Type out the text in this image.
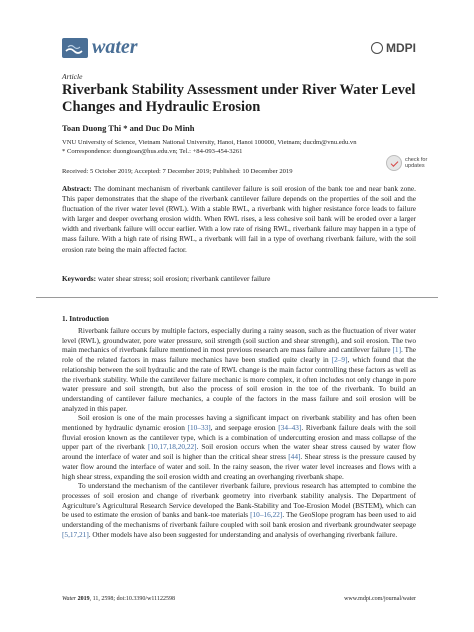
water	MDPI
Article
Riverbank Stability Assessment under River Water Level Changes and Hydraulic Erosion
Toan Duong Thi * and Duc Do Minh
VNU University of Science, Vietnam National University, Hanoi, Hanoi 100000, Vietnam; ducdm@vnu.edu.vn
* Correspondence: duongtoan@hus.edu.vn; Tel.: +84-093-454-3261
Received: 5 October 2019; Accepted: 7 December 2019; Published: 10 December 2019
check for
updates
Abstract: The dominant mechanism of riverbank cantilever failure is soil erosion of the bank toe and near bank zone. This paper demonstrates that the shape of the riverbank cantilever failure depends on the properties of the soil and the fluctuation of the river water level (RWL). With a stable RWL, a riverbank with higher resistance force leads to failure with larger and deeper overhang erosion width. When RWL rises, a less cohesive soil bank will be eroded over a larger width and riverbank failure will occur earlier. With a low rate of rising RWL, riverbank failure may happen in a type of mass failure. With a high rate of rising RWL, a riverbank will fail in a type of overhang riverbank failure, with the soil erosion rate being the main affected factor.
Keywords: water shear stress; soil erosion; riverbank cantilever failure
1. Introduction

Riverbank failure occurs by multiple factors, especially during a rainy season, such as the fluctuation of river water level (RWL), groundwater, pore water pressure, soil strength (soil suction and shear strength), and soil erosion. The two main mechanics of riverbank failure mentioned in most previous research are mass failure and cantilever failure [1]. The role of the related factors in mass failure mechanics have been studied quite clearly in [2–9], which found that the relationship between the soil hydraulic and the rate of RWL change is the main factor controlling these factors as well as the riverbank stability. While the cantilever failure mechanic is more complex, it often includes not only change in pore water pressure and soil strength, but also the process of soil erosion in the toe of the riverbank. To build an understanding of cantilever failure mechanics, a couple of the factors in the mass failure and soil erosion will be analyzed in this paper.

Soil erosion is one of the main processes having a significant impact on riverbank stability and has often been mentioned by hydraulic dynamic erosion [10–33], and seepage erosion [34–43]. Riverbank failure deals with the soil fluvial erosion known as the cantilever type, which is a combination of undercutting erosion and mass collapse of the upper part of the riverbank [10,17,18,20,22]. Soil erosion occurs when the water shear stress caused by water flow around the interface of water and soil is higher than the critical shear stress [44]. Shear stress is the pressure caused by water flow around the interface of water and soil. In the rainy season, the river water level increases and flows with a high shear stress, expanding the soil erosion width and creating an overhanging riverbank shape.

To understand the mechanism of the cantilever riverbank failure, previous research has attempted to combine the processes of soil erosion and change of riverbank geometry into riverbank stability analysis. The Department of Agriculture’s Agricultural Research Service developed the Bank-Stability and Toe-Erosion Model (BSTEM), which can be used to estimate the erosion of banks and bank-toe materials [10–16,22]. The GeoSlope program has been used to aid understanding of the mechanisms of riverbank failure coupled with soil bank erosion and riverbank groundwater seepage [5,17,21]. Other models have also been suggested for understanding and analysis of overhanging riverbank failure.

Water 2019, 11, 2598; doi:10.3390/w11122598	www.mdpi.com/journal/water
